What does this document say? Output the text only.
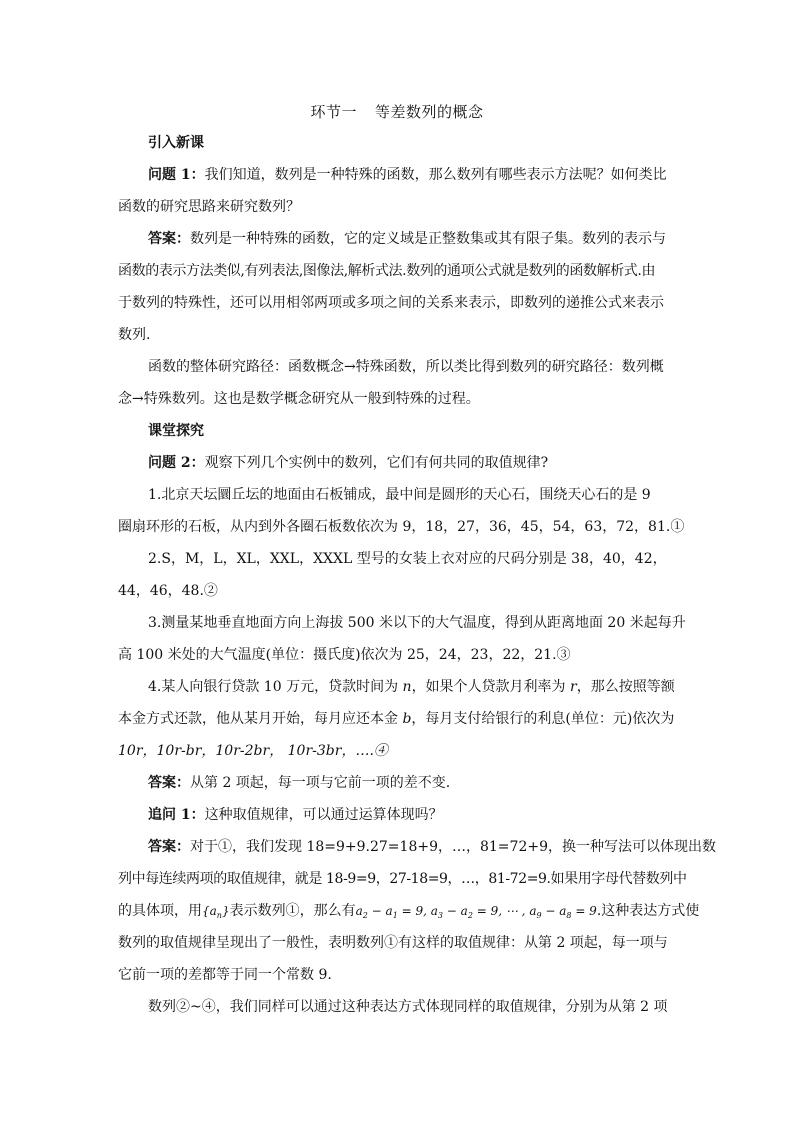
环节一 等差数列的概念
引入新课
问题 1：我们知道，数列是一种特殊的函数，那么数列有哪些表示方法呢？如何类比
函数的研究思路来研究数列？
答案：数列是一种特殊的函数，它的定义域是正整数集或其有限子集。数列的表示与
函数的表示方法类似,有列表法,图像法,解析式法.数列的通项公式就是数列的函数解析式.由
于数列的特殊性，还可以用相邻两项或多项之间的关系来表示，即数列的递推公式来表示
数列.
函数的整体研究路径：函数概念→特殊函数，所以类比得到数列的研究路径：数列概
念→特殊数列。这也是数学概念研究从一般到特殊的过程。
课堂探究
问题 2：观察下列几个实例中的数列，它们有何共同的取值规律?
1.北京天坛圜丘坛的地面由石板铺成，最中间是圆形的天心石，围绕天心石的是 9
圈扇环形的石板，从内到外各圈石板数依次为 9，18，27，36，45，54，63，72，81.①
2.S，M，L，XL，XXL，XXXL 型号的女装上衣对应的尺码分别是 38，40，42，
44，46，48.②
3.测量某地垂直地面方向上海拔 500 米以下的大气温度，得到从距离地面 20 米起每升
高 100 米处的大气温度(单位：摄氏度)依次为 25，24，23，22，21.③
4.某人向银行贷款 10 万元，贷款时间为 n，如果个人贷款月利率为 r，那么按照等额
本金方式还款，他从某月开始，每月应还本金 b，每月支付给银行的利息(单位：元)依次为
10r，10r-br，10r-2br， 10r-3br，….④
答案：从第 2 项起，每一项与它前一项的差不变.
追问 1：这种取值规律，可以通过运算体现吗？
答案：对于①，我们发现 18=9+9.27=18+9，…，81=72+9，换一种写法可以体现出数
列中每连续两项的取值规律，就是 18-9=9，27-18=9，…，81-72=9.如果用字母代替数列中
的具体项，用$\{a_n\}$表示数列①，那么有$a_2 - a_1 = 9$, $a_3 - a_2 = 9$, ⋯ , $a_9 - a_8 = 9$.这种表达方式使
数列的取值规律呈现出了一般性，表明数列①有这样的取值规律：从第 2 项起，每一项与
它前一项的差都等于同一个常数 9.
数列②~④，我们同样可以通过这种表达方式体现同样的取值规律，分别为从第 2 项
